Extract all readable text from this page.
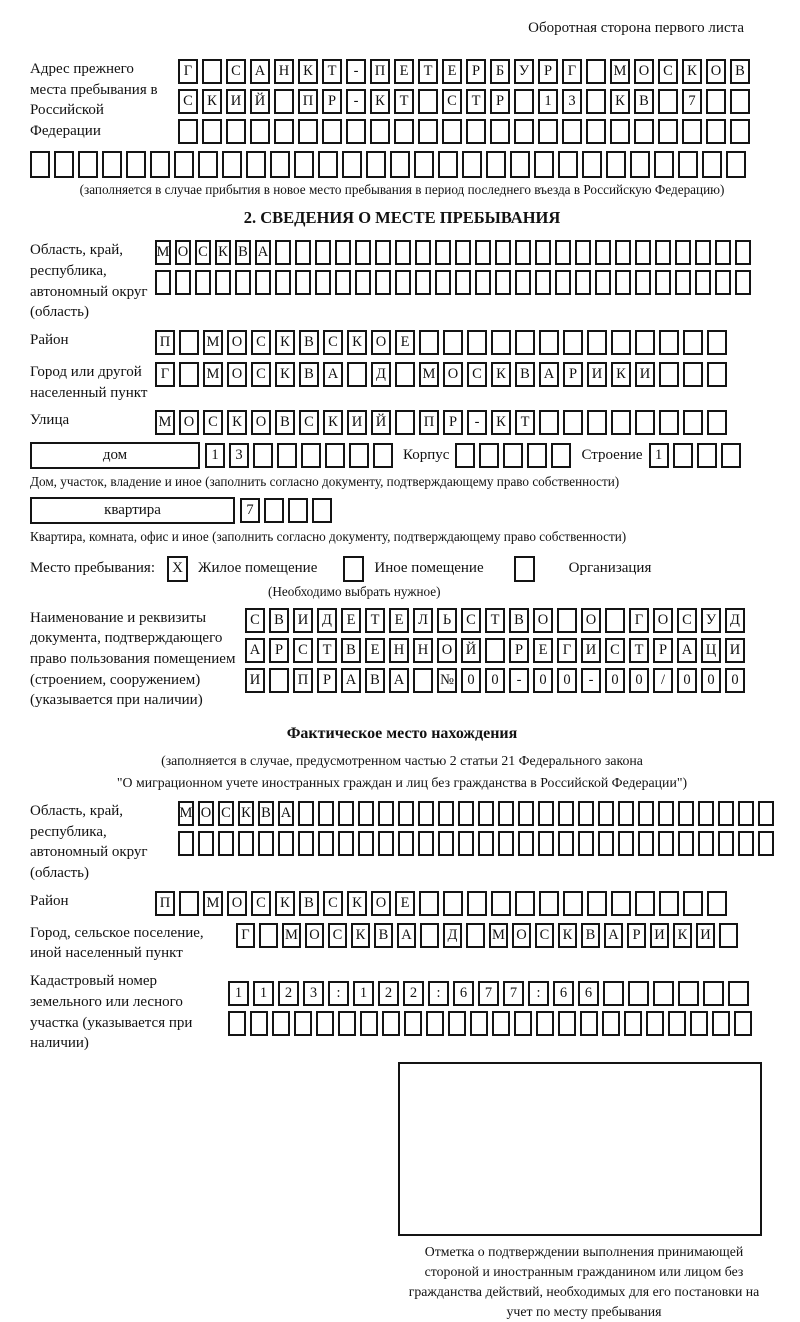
Оборотная сторона первого листа
Адрес прежнего места пребывания в Российской Федерации
Г	С А Н К	Т	-	П Е	Т	Е	Р	Б	У	Р	Г	М О С К О В
С К И Й	П	Р	-	К	Т	С	Т	Р	1	3	К В	7
(заполняется в случае прибытия в новое место пребывания в период последнего въезда в Российскую Федерацию)
2. СВЕДЕНИЯ О МЕСТЕ ПРЕБЫВАНИЯ
Область, край, республика, автономный округ (область)
М О С К В А
Район	П	М О С К В С К О Е
Город или другой населенный пункт
Г	М О С К В А	Д	М О С К В А	Р	И К И
Улица	М О С К О В С К И Й	П	Р	-	К	Т
дом	1	3	Корпус	Строение 1
Дом, участок, владение и иное (заполнить согласно документу, подтверждающему право собственности)
квартира	7
Квартира, комната, офис и иное (заполнить согласно документу, подтверждающему право собственности)
Место пребывания:	X	Жилое помещение	Иное помещение	Организация
(Необходимо выбрать нужное)
Наименование и реквизиты документа, подтверждающего право пользования помещением (строением, сооружением) (указывается при наличии)
С В И Д	Е	Т	Е	Л	Ь	С	Т	В О	О	Г	О С У Д
А	Р	С	Т	В	Е Н Н О Й	Р	Е	Г	И С	Т	Р	А Ц И
И	П	Р	А В А	№ 0	0	-	0	0	-	0	0	/	0	0	0
Фактическое место нахождения
(заполняется в случае, предусмотренном частью 2 статьи 21 Федерального закона
"О миграционном учете иностранных граждан и лиц без гражданства в Российской Федерации")
Область, край, республика, автономный округ (область)
М О С К В А
Район	П	М О С К В С К О Е
Город, сельское поселение, иной населенный пункт
Г	М О С К В А	Д	М О С К В А Р И К И
Кадастровый номер земельного или лесного участка (указывается при наличии)
1	1	2	3	:	1	2	2	:	6	7	7	:	6	6
Отметка о подтверждении выполнения принимающей стороной и иностранным гражданином или лицом без гражданства действий, необходимых для его постановки на учет по месту пребывания
